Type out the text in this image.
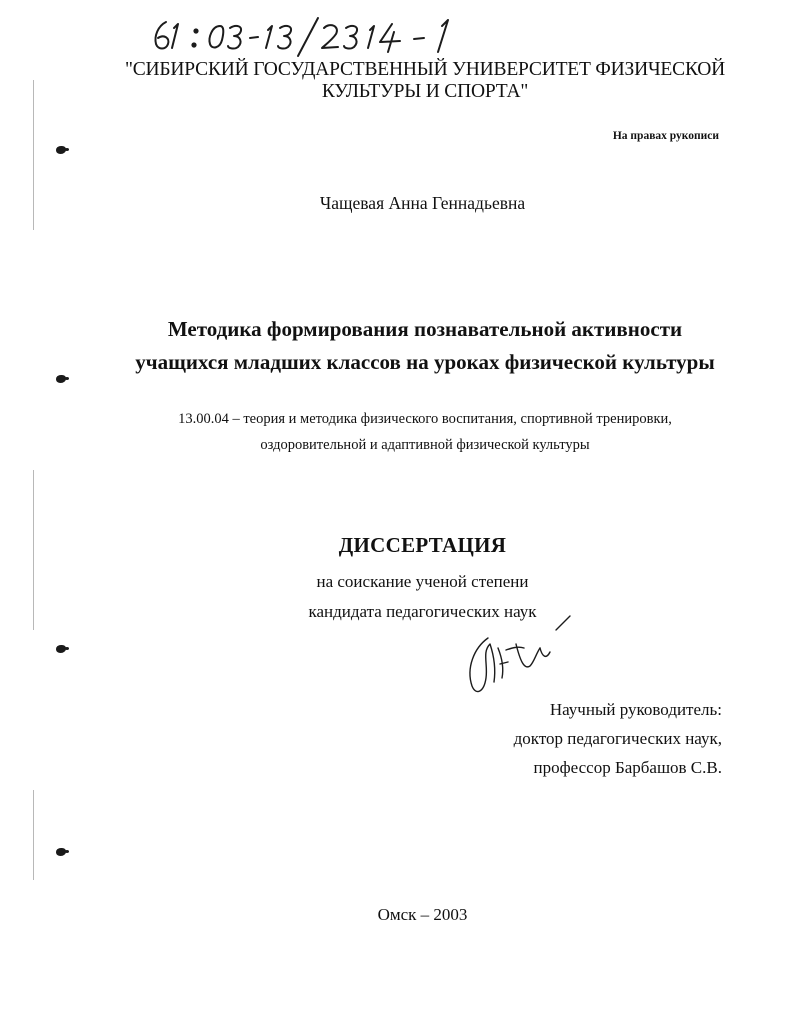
"СИБИРСКИЙ ГОСУДАРСТВЕННЫЙ УНИВЕРСИТЕТ ФИЗИЧЕСКОЙ
КУЛЬТУРЫ И СПОРТА"
На правах рукописи
Чащевая Анна Геннадьевна
Методика формирования познавательной активности
учащихся младших классов на уроках физической культуры
13.00.04 – теория и методика физического воспитания, спортивной тренировки,
оздоровительной и адаптивной физической культуры
ДИССЕРТАЦИЯ
на соискание ученой степени
кандидата педагогических наук
Научный руководитель:
доктор педагогических наук,
профессор Барбашов С.В.
Омск – 2003
